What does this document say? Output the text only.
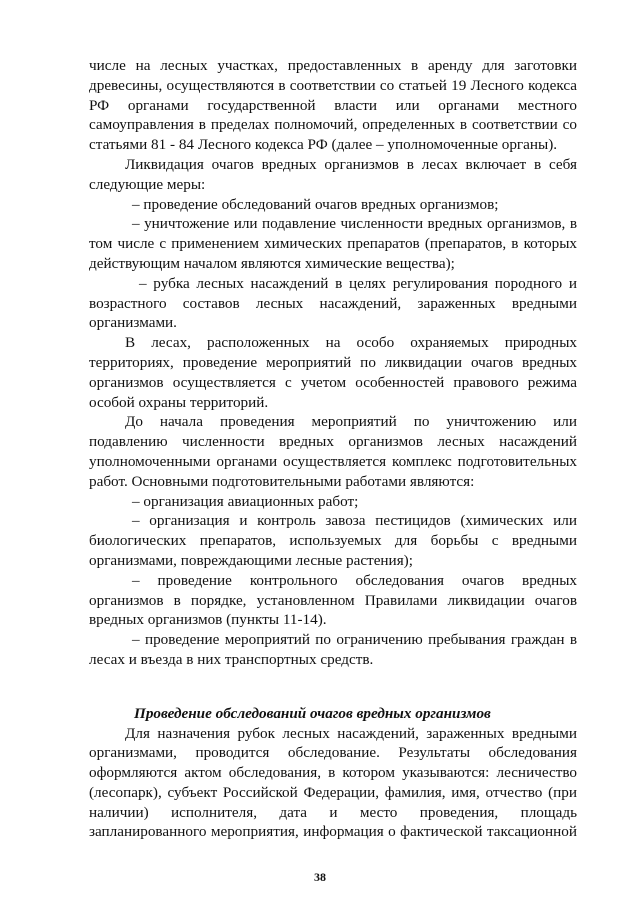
числе на лесных участках, предоставленных в аренду для заготовки
древесины, осуществляются в соответствии со статьей 19 Лесного кодекса
РФ органами государственной власти или органами местного
самоуправления в пределах полномочий, определенных в соответствии со
статьями 81 - 84 Лесного кодекса РФ (далее – уполномоченные органы).
Ликвидация очагов вредных организмов в лесах включает в себя
следующие меры:
– проведение обследований очагов вредных организмов;
– уничтожение или подавление численности вредных организмов, в
том числе с применением химических препаратов (препаратов, в которых
действующим началом являются химические вещества);
– рубка лесных насаждений в целях регулирования породного и
возрастного составов лесных насаждений, зараженных вредными
организмами.
В лесах, расположенных на особо охраняемых природных
территориях, проведение мероприятий по ликвидации очагов вредных
организмов осуществляется с учетом особенностей правового режима
особой охраны территорий.
До начала проведения мероприятий по уничтожению или
подавлению численности вредных организмов лесных насаждений
уполномоченными органами осуществляется комплекс подготовительных
работ. Основными подготовительными работами являются:
– организация авиационных работ;
– организация и контроль завоза пестицидов (химических или
биологических препаратов, используемых для борьбы с вредными
организмами, повреждающими лесные растения);
– проведение контрольного обследования очагов вредных
организмов в порядке, установленном Правилами ликвидации очагов
вредных организмов (пункты 11-14).
– проведение мероприятий по ограничению пребывания граждан в
лесах и въезда в них транспортных средств.
Проведение обследований очагов вредных организмов
Для назначения рубок лесных насаждений, зараженных вредными
организмами, проводится обследование. Результаты обследования
оформляются актом обследования, в котором указываются: лесничество
(лесопарк), субъект Российской Федерации, фамилия, имя, отчество (при
наличии) исполнителя, дата и место проведения, площадь
запланированного мероприятия, информация о фактической таксационной
38
